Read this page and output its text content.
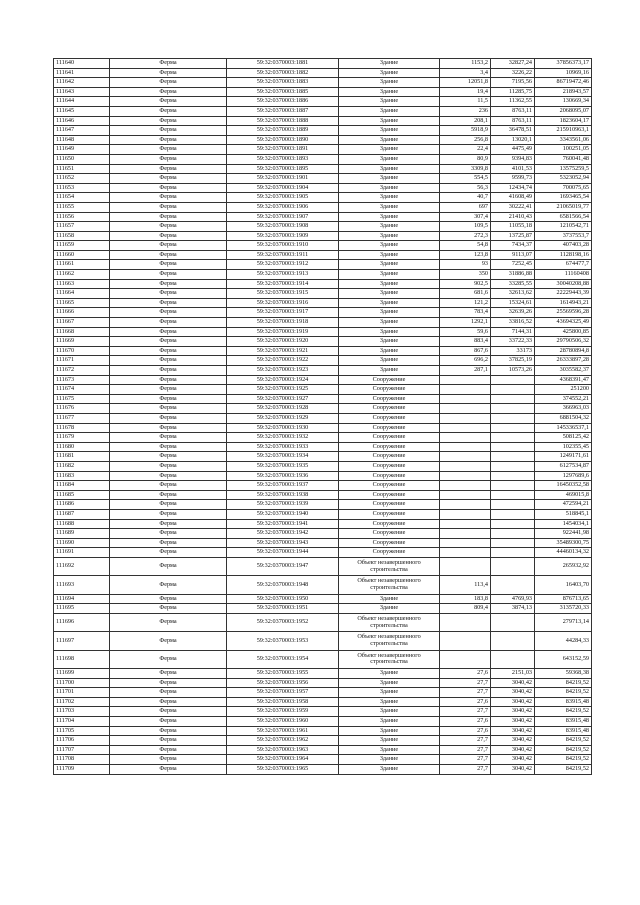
111640	Ферма	59:32:0370003:1881	Здание	1153,2	32827,24	37856373,17
111641	Ферма	59:32:0370003:1882	Здание	3,4	3226,22	10969,16
111642	Ферма	59:32:0370003:1883	Здание	12051,8	7195,56	86719472,46
111643	Ферма	59:32:0370003:1885	Здание	19,4	11285,75	218943,57
111644	Ферма	59:32:0370003:1886	Здание	11,5	11362,55	130669,34
111645	Ферма	59:32:0370003:1887	Здание	236	8763,11	2068095,07
111646	Ферма	59:32:0370003:1888	Здание	208,1	8763,11	1823604,17
111647	Ферма	59:32:0370003:1889	Здание	5918,9	36478,51	215910963,1
111648	Ферма	59:32:0370003:1890	Здание	256,8	13020,1	3343561,06
111649	Ферма	59:32:0370003:1891	Здание	22,4	4475,49	100251,05
111650	Ферма	59:32:0370003:1893	Здание	80,9	9394,83	760041,48
111651	Ферма	59:32:0370003:1895	Здание	3309,8	4101,53	13575259,5
111652	Ферма	59:32:0370003:1901	Здание	554,5	9599,73	5323052,94
111653	Ферма	59:32:0370003:1904	Здание	56,3	12434,74	700075,65
111654	Ферма	59:32:0370003:1905	Здание	40,7	41608,49	1693465,54
111655	Ферма	59:32:0370003:1906	Здание	697	30222,41	21065019,77
111656	Ферма	59:32:0370003:1907	Здание	307,4	21410,43	6581566,54
111657	Ферма	59:32:0370003:1908	Здание	109,5	11055,18	1210542,71
111658	Ферма	59:32:0370003:1909	Здание	272,3	13725,87	3737553,7
111659	Ферма	59:32:0370003:1910	Здание	54,8	7434,37	407403,28
111660	Ферма	59:32:0370003:1911	Здание	123,8	9113,07	1128198,16
111661	Ферма	59:32:0370003:1912	Здание	93	7252,45	674477,7
111662	Ферма	59:32:0370003:1913	Здание	350	31886,88	11160408
111663	Ферма	59:32:0370003:1914	Здание	902,5	33285,55	30040208,88
111664	Ферма	59:32:0370003:1915	Здание	681,6	32613,62	22229443,39
111665	Ферма	59:32:0370003:1916	Здание	121,2	15324,61	1614943,21
111666	Ферма	59:32:0370003:1917	Здание	783,4	32639,26	25569596,28
111667	Ферма	59:32:0370003:1918	Здание	1292,1	33816,52	43694325,49
111668	Ферма	59:32:0370003:1919	Здание	59,6	7144,31	425800,85
111669	Ферма	59:32:0370003:1920	Здание	883,4	33722,33	29790506,32
111670	Ферма	59:32:0370003:1921	Здание	867,6	33173	28780894,8
111671	Ферма	59:32:0370003:1922	Здание	696,2	37825,19	26333897,28
111672	Ферма	59:32:0370003:1923	Здание	287,1	10573,26	3035582,37
111673	Ферма	59:32:0370003:1924	Сооружение			4368391,47
111674	Ферма	59:32:0370003:1925	Сооружение			251200
111675	Ферма	59:32:0370003:1927	Сооружение			374552,21
111676	Ферма	59:32:0370003:1928	Сооружение			366963,03
111677	Ферма	59:32:0370003:1929	Сооружение			6881504,32
111678	Ферма	59:32:0370003:1930	Сооружение			145336537,1
111679	Ферма	59:32:0370003:1932	Сооружение			508125,42
111680	Ферма	59:32:0370003:1933	Сооружение			102355,45
111681	Ферма	59:32:0370003:1934	Сооружение			1249171,61
111682	Ферма	59:32:0370003:1935	Сооружение			6127534,87
111683	Ферма	59:32:0370003:1936	Сооружение			1297689,6
111684	Ферма	59:32:0370003:1937	Сооружение			16450352,58
111685	Ферма	59:32:0370003:1938	Сооружение			469015,8
111686	Ферма	59:32:0370003:1939	Сооружение			472594,21
111687	Ферма	59:32:0370003:1940	Сооружение			518845,1
111688	Ферма	59:32:0370003:1941	Сооружение			1454034,1
111689	Ферма	59:32:0370003:1942	Сооружение			922441,98
111690	Ферма	59:32:0370003:1943	Сооружение			35489300,75
111691	Ферма	59:32:0370003:1944	Сооружение			44460134,32
111692	Ферма	59:32:0370003:1947	Объект незавершенного строительства			265932,92
111693	Ферма	59:32:0370003:1948	Объект незавершенного строительства	113,4		16403,70
111694	Ферма	59:32:0370003:1950	Здание	183,8	4769,93	876713,65
111695	Ферма	59:32:0370003:1951	Здание	809,4	3874,13	3135720,33
111696	Ферма	59:32:0370003:1952	Объект незавершенного строительства			279713,14
111697	Ферма	59:32:0370003:1953	Объект незавершенного строительства			44284,33
111698	Ферма	59:32:0370003:1954	Объект незавершенного строительства			643152,59
111699	Ферма	59:32:0370003:1955	Здание	27,6	2151,03	59368,38
111700	Ферма	59:32:0370003:1956	Здание	27,7	3040,42	84219,52
111701	Ферма	59:32:0370003:1957	Здание	27,7	3040,42	84219,52
111702	Ферма	59:32:0370003:1958	Здание	27,6	3040,42	83915,48
111703	Ферма	59:32:0370003:1959	Здание	27,7	3040,42	84219,52
111704	Ферма	59:32:0370003:1960	Здание	27,6	3040,42	83915,48
111705	Ферма	59:32:0370003:1961	Здание	27,6	3040,42	83915,48
111706	Ферма	59:32:0370003:1962	Здание	27,7	3040,42	84219,52
111707	Ферма	59:32:0370003:1963	Здание	27,7	3040,42	84219,52
111708	Ферма	59:32:0370003:1964	Здание	27,7	3040,42	84219,52
111709	Ферма	59:32:0370003:1965	Здание	27,7	3040,42	84219,52
